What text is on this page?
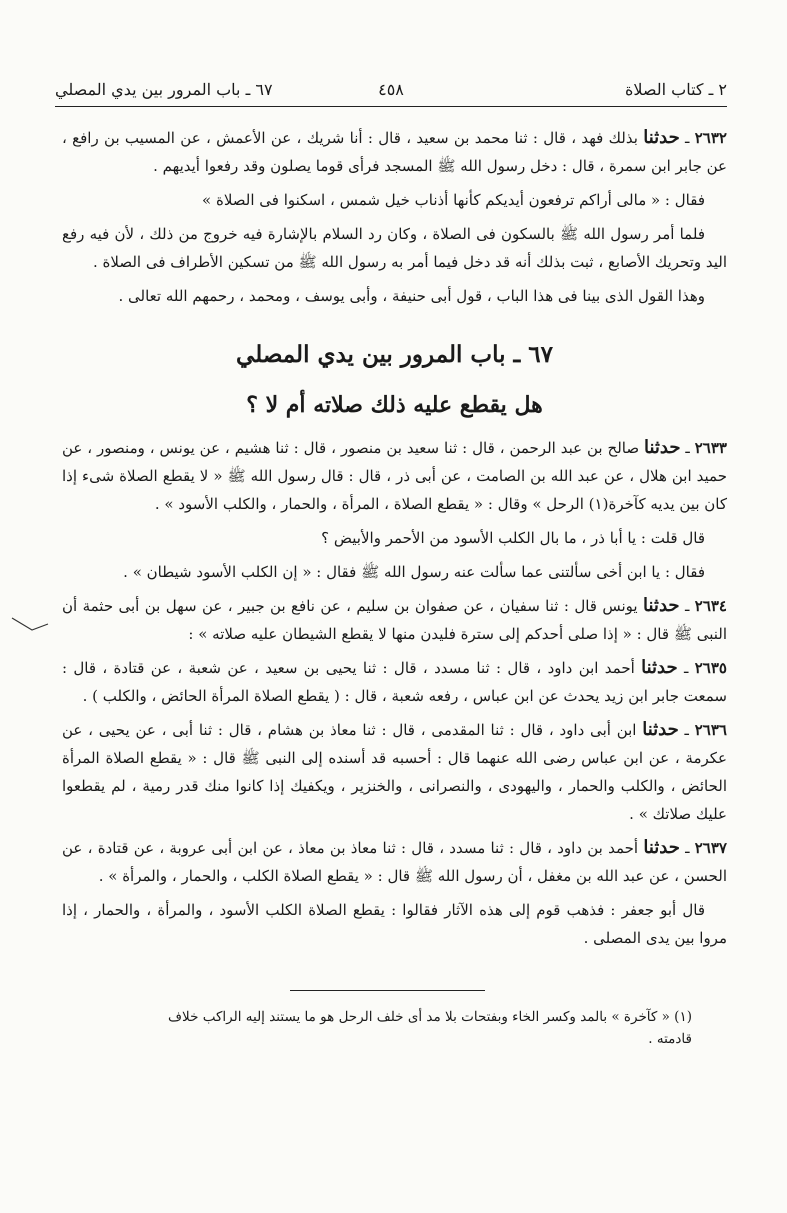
٢ ـ كتاب الصلاة
٤٥٨
٦٧ ـ باب المرور بين يدي المصلي

٢٦٣٢ ـ حدثنا بذلك فهد ، قال : ثنا محمد بن سعيد ، قال : أنا شريك ، عن الأعمش ، عن المسيب بن رافع ، عن جابر ابن سمرة ، قال : دخل رسول الله ﷺ المسجد فرأى قوما يصلون وقد رفعوا أيديهم .

فقال : « مالى أراكم ترفعون أيديكم كأنها أذناب خيل شمس ، اسكنوا فى الصلاة »

فلما أمر رسول الله ﷺ بالسكون فى الصلاة ، وكان رد السلام بالإشارة فيه خروج من ذلك ، لأن فيه رفع اليد وتحريك الأصابع ، ثبت بذلك أنه قد دخل فيما أمر به رسول الله ﷺ من تسكين الأطراف فى الصلاة .

وهذا القول الذى بينا فى هذا الباب ، قول أبى حنيفة ، وأبى يوسف ، ومحمد ، رحمهم الله تعالى .

٦٧ ـ باب المرور بين يدي المصلي
هل يقطع عليه ذلك صلاته أم لا ؟

٢٦٣٣ ـ حدثنا صالح بن عبد الرحمن ، قال : ثنا سعيد بن منصور ، قال : ثنا هشيم ، عن يونس ، ومنصور ، عن حميد ابن هلال ، عن عبد الله بن الصامت ، عن أبى ذر ، قال : قال رسول الله ﷺ « لا يقطع الصلاة شىء إذا كان بين يديه كآخرة(١) الرحل » وقال : « يقطع الصلاة ، المرأة ، والحمار ، والكلب الأسود » .

قال قلت : يا أبا ذر ، ما بال الكلب الأسود من الأحمر والأبيض ؟

فقال : يا ابن أخى سألتنى عما سألت عنه رسول الله ﷺ فقال : « إن الكلب الأسود شيطان » .

٢٦٣٤ ـ حدثنا يونس قال : ثنا سفيان ، عن صفوان بن سليم ، عن نافع بن جبير ، عن سهل بن أبى حثمة أن النبى ﷺ قال : « إذا صلى أحدكم إلى سترة فليدن منها لا يقطع الشيطان عليه صلاته » :

٢٦٣٥ ـ حدثنا أحمد ابن داود ، قال : ثنا مسدد ، قال : ثنا يحيى بن سعيد ، عن شعبة ، عن قتادة ، قال : سمعت جابر ابن زيد يحدث عن ابن عباس ، رفعه شعبة ، قال : ( يقطع الصلاة المرأة الحائض ، والكلب ) .

٢٦٣٦ ـ حدثنا ابن أبى داود ، قال : ثنا المقدمى ، قال : ثنا معاذ بن هشام ، قال : ثنا أبى ، عن يحيى ، عن عكرمة ، عن ابن عباس رضى الله عنهما قال : أحسبه قد أسنده إلى النبى ﷺ قال : « يقطع الصلاة المرأة الحائض ، والكلب والحمار ، واليهودى ، والنصرانى ، والخنزير ، ويكفيك إذا كانوا منك قدر رمية ، لم يقطعوا عليك صلاتك » .

٢٦٣٧ ـ حدثنا أحمد بن داود ، قال : ثنا مسدد ، قال : ثنا معاذ بن معاذ ، عن ابن أبى عروبة ، عن قتادة ، عن الحسن ، عن عبد الله بن مغفل ، أن رسول الله ﷺ قال : « يقطع الصلاة الكلب ، والحمار ، والمرأة » .

قال أبو جعفر : فذهب قوم إلى هذه الآثار فقالوا : يقطع الصلاة الكلب الأسود ، والمرأة ، والحمار ، إذا مروا بين يدى المصلى .

(١) « كآخرة » بالمد وكسر الخاء وبفتحات بلا مد أى خلف الرحل هو ما يستند إليه الراكب خلاف قادمته .
